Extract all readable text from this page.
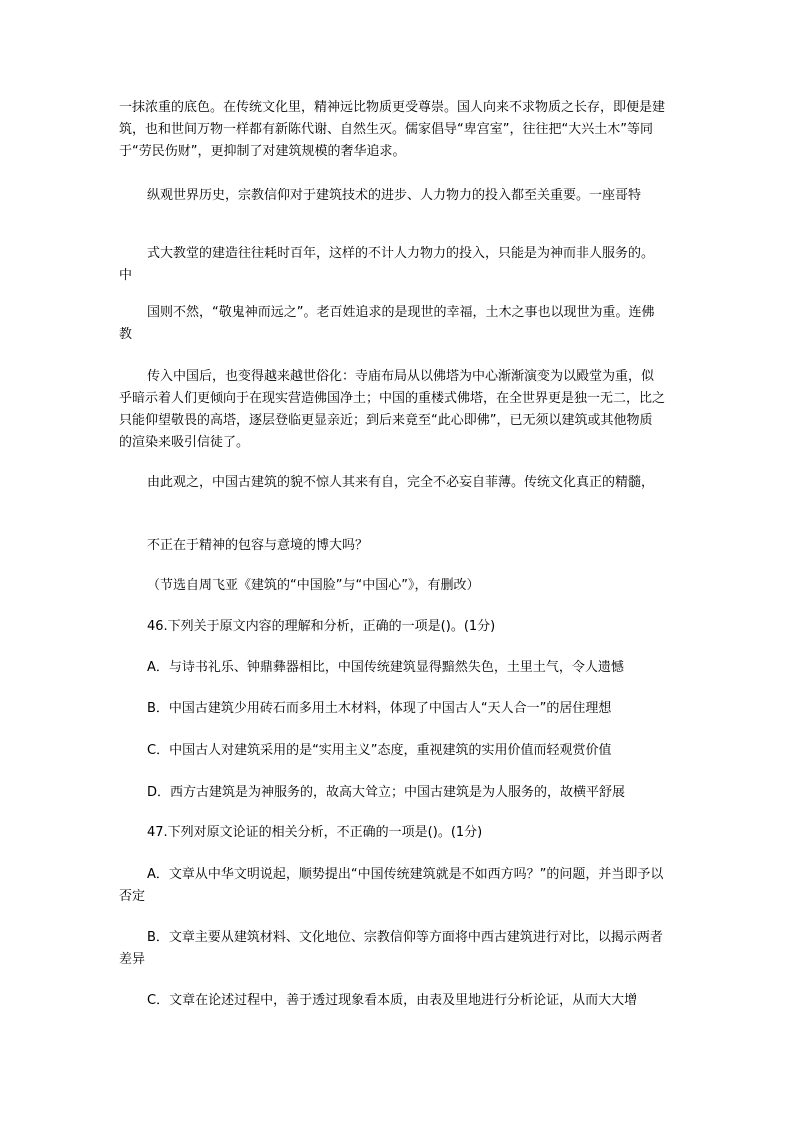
一抹浓重的底色。在传统文化里，精神远比物质更受尊崇。国人向来不求物质之长存，即便是建筑，也和世间万物一样都有新陈代谢、自然生灭。儒家倡导“卑宫室”，往往把“大兴土木”等同于“劳民伤财”，更抑制了对建筑规模的奢华追求。

纵观世界历史，宗教信仰对于建筑技术的进步、人力物力的投入都至关重要。一座哥特

式大教堂的建造往往耗时百年，这样的不计人力物力的投入，只能是为神而非人服务的。中

国则不然，“敬鬼神而远之”。老百姓追求的是现世的幸福，土木之事也以现世为重。连佛教

传入中国后，也变得越来越世俗化：寺庙布局从以佛塔为中心渐渐演变为以殿堂为重，似乎暗示着人们更倾向于在现实营造佛国净土；中国的重楼式佛塔，在全世界更是独一无二，比之只能仰望敬畏的高塔，逐层登临更显亲近；到后来竟至“此心即佛”，已无须以建筑或其他物质的渲染来吸引信徒了。

由此观之，中国古建筑的貌不惊人其来有自，完全不必妄自菲薄。传统文化真正的精髓，

不正在于精神的包容与意境的博大吗？

（节选自周飞亚《建筑的“中国脸”与“中国心”》，有删改）

46.下列关于原文内容的理解和分析，正确的一项是()。(1分)

A．与诗书礼乐、钟鼎彝器相比，中国传统建筑显得黯然失色，土里土气，令人遗憾

B．中国古建筑少用砖石而多用土木材料，体现了中国古人“天人合一”的居住理想

C．中国古人对建筑采用的是“实用主义”态度，重视建筑的实用价值而轻观赏价值

D．西方古建筑是为神服务的，故高大耸立；中国古建筑是为人服务的，故横平舒展

47.下列对原文论证的相关分析，不正确的一项是()。(1分)

A．文章从中华文明说起，顺势提出“中国传统建筑就是不如西方吗？”的问题，并当即予以否定

B．文章主要从建筑材料、文化地位、宗教信仰等方面将中西古建筑进行对比，以揭示两者差异

C．文章在论述过程中，善于透过现象看本质，由表及里地进行分析论证，从而大大增
